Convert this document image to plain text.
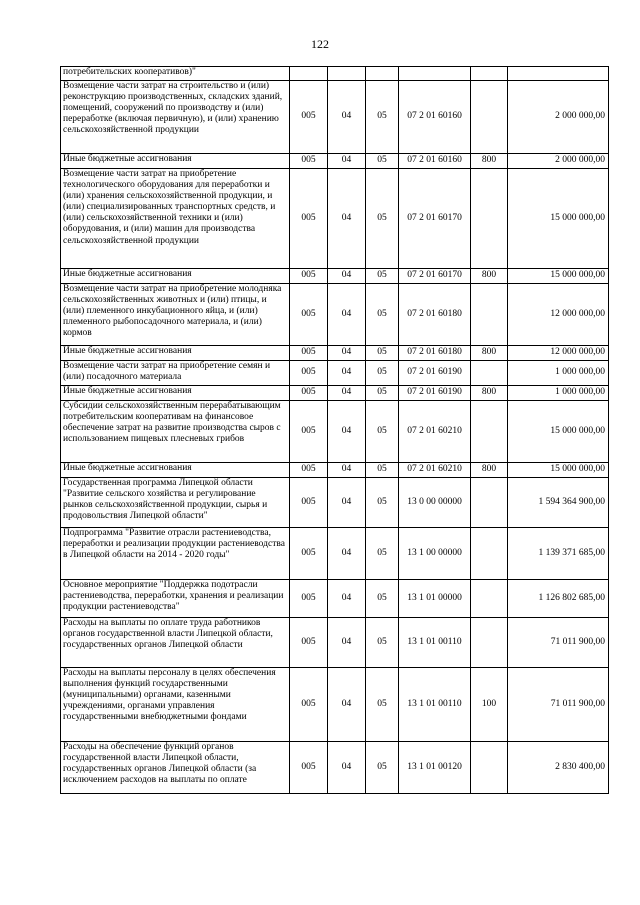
122
потребительских кооперативов)"						
Возмещение части затрат на строительство и (или) реконструкцию производственных, складских зданий, помещений, сооружений по производству и (или) переработке (включая первичную), и (или) хранению сельскохозяйственной продукции	005	04	05	07 2 01 60160		2 000 000,00
Иные бюджетные ассигнования	005	04	05	07 2 01 60160	800	2 000 000,00
Возмещение части затрат на приобретение технологического оборудования для переработки и (или) хранения сельскохозяйственной продукции, и (или) специализированных транспортных средств, и (или) сельскохозяйственной техники и (или) оборудования, и (или) машин для производства сельскохозяйственной продукции	005	04	05	07 2 01 60170		15 000 000,00
Иные бюджетные ассигнования	005	04	05	07 2 01 60170	800	15 000 000,00
Возмещение части затрат на приобретение молодняка сельскохозяйственных животных и (или) птицы, и (или) племенного инкубационного яйца, и (или) племенного рыбопосадочного материала, и (или) кормов	005	04	05	07 2 01 60180		12 000 000,00
Иные бюджетные ассигнования	005	04	05	07 2 01 60180	800	12 000 000,00
Возмещение части затрат на приобретение семян и (или) посадочного материала	005	04	05	07 2 01 60190		1 000 000,00
Иные бюджетные ассигнования	005	04	05	07 2 01 60190	800	1 000 000,00
Субсидии сельскохозяйственным перерабатывающим потребительским кооперативам на финансовое обеспечение затрат на развитие производства сыров с использованием пищевых плесневых грибов	005	04	05	07 2 01 60210		15 000 000,00
Иные бюджетные ассигнования	005	04	05	07 2 01 60210	800	15 000 000,00
Государственная программа Липецкой области "Развитие сельского хозяйства и регулирование рынков сельскохозяйственной продукции, сырья и продовольствия Липецкой области"	005	04	05	13 0 00 00000		1 594 364 900,00
Подпрограмма "Развитие отрасли растениеводства, переработки и реализации продукции растениеводства в Липецкой области на 2014 - 2020 годы"	005	04	05	13 1 00 00000		1 139 371 685,00
Основное мероприятие "Поддержка подотрасли растениеводства, переработки, хранения и реализации продукции растениеводства"	005	04	05	13 1 01 00000		1 126 802 685,00
Расходы на выплаты по оплате труда работников органов государственной власти Липецкой области, государственных органов Липецкой области	005	04	05	13 1 01 00110		71 011 900,00
Расходы на выплаты персоналу в целях обеспечения выполнения функций государственными (муниципальными) органами, казенными учреждениями, органами управления государственными внебюджетными фондами	005	04	05	13 1 01 00110	100	71 011 900,00
Расходы на обеспечение функций органов государственной власти Липецкой области, государственных органов Липецкой области (за исключением расходов на выплаты по оплате	005	04	05	13 1 01 00120		2 830 400,00
